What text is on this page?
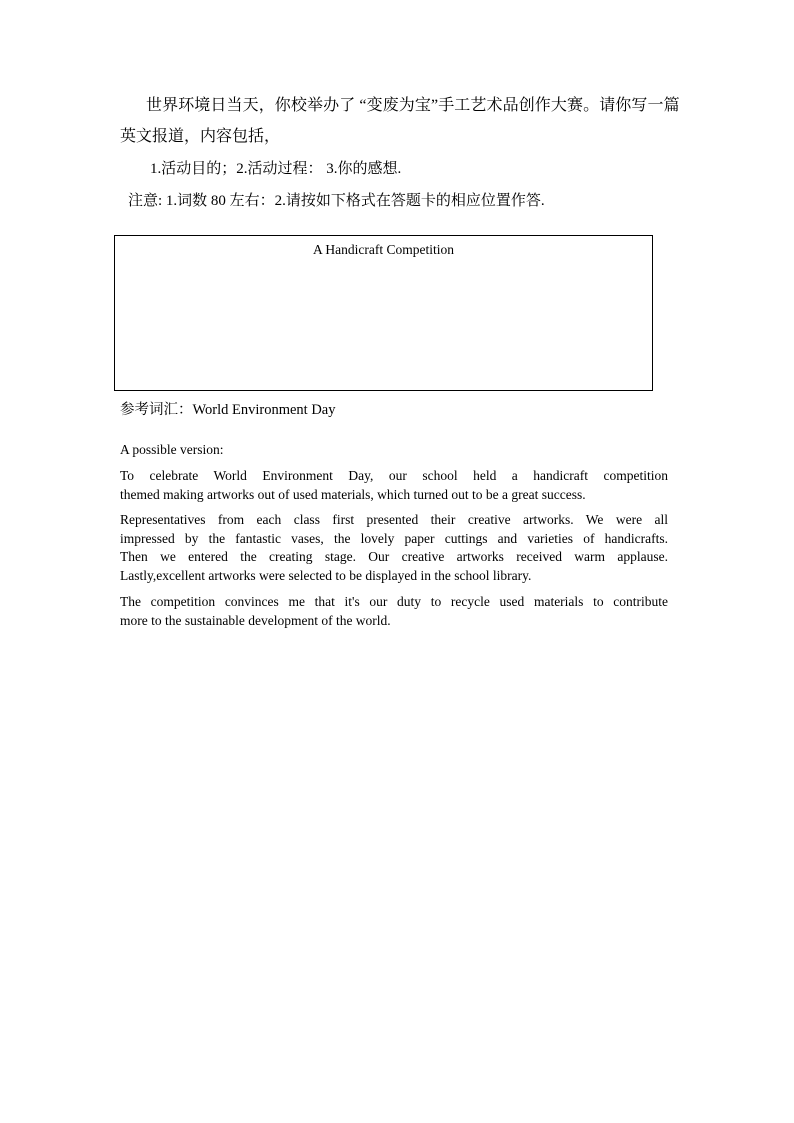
世界环境日当天，你校举办了 “变废为宝”手工艺术品创作大赛。请你写一篇
英文报道，内容包括，
1.活动目的；2.活动过程： 3.你的感想.
注意: 1.词数 80 左右：2.请按如下格式在答题卡的相应位置作答.
A Handicraft Competition
参考词汇：World Environment Day
A possible version:
To celebrate World Environment Day, our school held a handicraft competition
themed making artworks out of used materials, which turned out to be a great success.
Representatives from each class first presented their creative artworks. We were all
impressed by the fantastic vases, the lovely paper cuttings and varieties of handicrafts.
Then we entered the creating stage. Our creative artworks received warm applause.
Lastly,excellent artworks were selected to be displayed in the school library.
The competition convinces me that it's our duty to recycle used materials to contribute
more to the sustainable development of the world.
